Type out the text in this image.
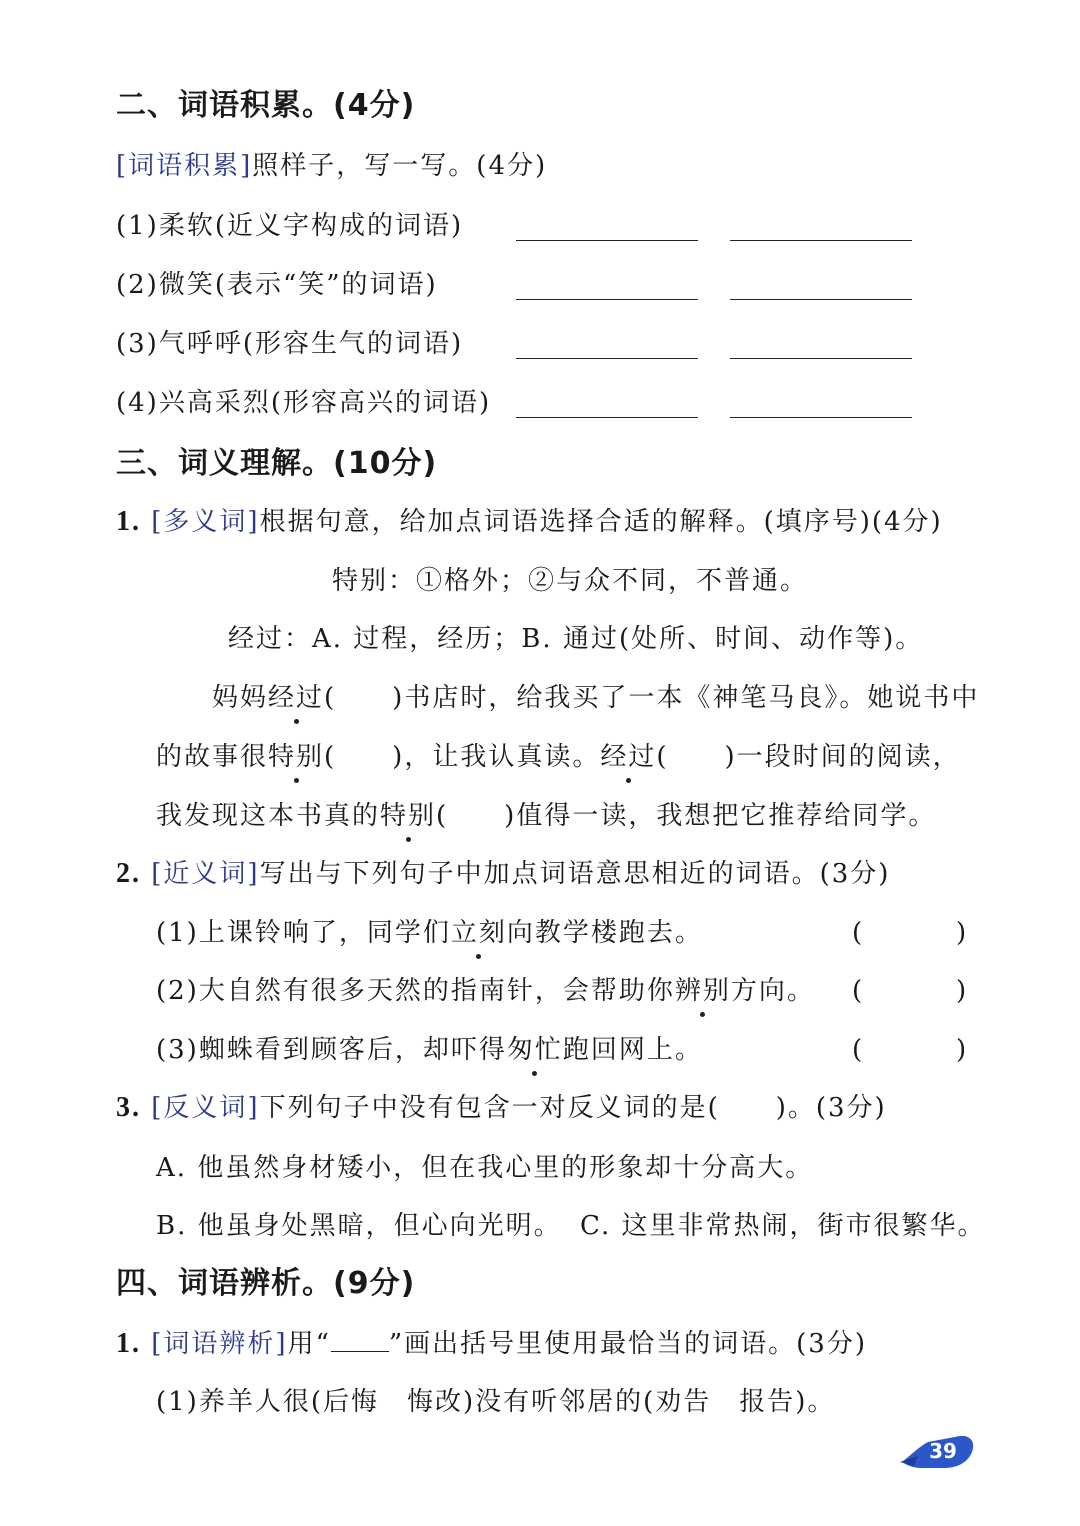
二、词语积累。(4分)
[词语积累]照样子，写一写。(4分)
(1)柔软(近义字构成的词语)
(2)微笑(表示“笑”的词语)
(3)气呼呼(形容生气的词语)
(4)兴高采烈(形容高兴的词语)
三、词义理解。(10分)
1. [多义词]根据句意，给加点词语选择合适的解释。(填序号)(4分)
特别：①格外；②与众不同，不普通。
经过：A. 过程，经历；B. 通过(处所、时间、动作等)。
妈妈经过(　　)书店时，给我买了一本《神笔马良》。她说书中
的故事很特别(　　)，让我认真读。经过(　　)一段时间的阅读，
我发现这本书真的特别(　　)值得一读，我想把它推荐给同学。
2. [近义词]写出与下列句子中加点词语意思相近的词语。(3分)
(1)上课铃响了，同学们立刻向教学楼跑去。	(	)
(2)大自然有很多天然的指南针，会帮助你辨别方向。 (	)
(3)蜘蛛看到顾客后，却吓得匆忙跑回网上。	(	)
3. [反义词]下列句子中没有包含一对反义词的是(　　)。(3分)
A. 他虽然身材矮小，但在我心里的形象却十分高大。
B. 他虽身处黑暗，但心向光明。 C. 这里非常热闹，街市很繁华。
四、词语辨析。(9分)
1. [词语辨析]用“ ”画出括号里使用最恰当的词语。(3分)
(1)养羊人很(后悔　悔改)没有听邻居的(劝告　报告)。
39
